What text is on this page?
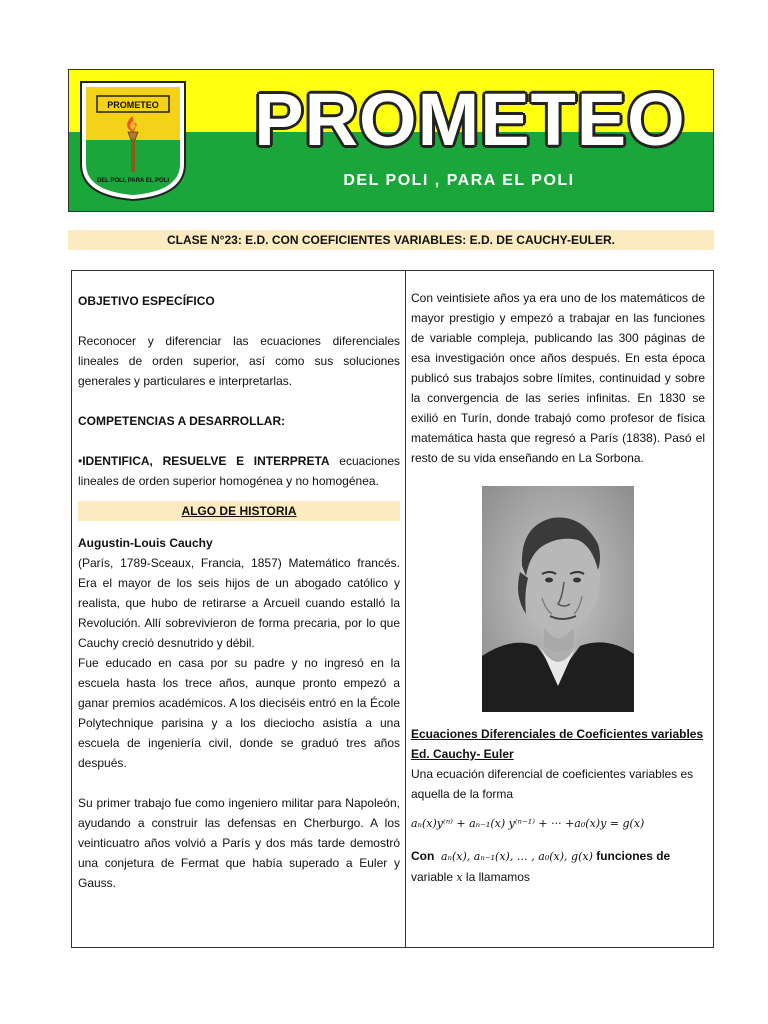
PROMETEO
DEL POLI, PARA EL POLI
PROMETEO
DEL POLI , PARA EL POLI
CLASE N°23: E.D. CON COEFICIENTES VARIABLES: E.D. DE CAUCHY-EULER.

OBJETIVO ESPECÍFICO

Reconocer y diferenciar las ecuaciones diferenciales lineales de orden superior, así como sus soluciones generales y particulares e interpretarlas.

COMPETENCIAS A DESARROLLAR:

•IDENTIFICA, RESUELVE E INTERPRETA ecuaciones lineales de orden superior homogénea y no homogénea.

ALGO DE HISTORIA

Augustin-Louis Cauchy

(París, 1789-Sceaux, Francia, 1857) Matemático francés. Era el mayor de los seis hijos de un abogado católico y realista, que hubo de retirarse a Arcueil cuando estalló la Revolución. Allí sobrevivieron de forma precaria, por lo que Cauchy creció desnutrido y débil.

Fue educado en casa por su padre y no ingresó en la escuela hasta los trece años, aunque pronto empezó a ganar premios académicos. A los dieciséis entró en la École Polytechnique parisina y a los dieciocho asistía a una escuela de ingeniería civil, donde se graduó tres años después.

Su primer trabajo fue como ingeniero militar para Napoleón, ayudando a construir las defensas en Cherburgo. A los veinticuatro años volvió a París y dos más tarde demostró una conjetura de Fermat que había superado a Euler y Gauss.

Con veintisiete años ya era uno de los matemáticos de mayor prestigio y empezó a trabajar en las funciones de variable compleja, publicando las 300 páginas de esa investigación once años después. En esta época publicó sus trabajos sobre límites, continuidad y sobre la convergencia de las series infinitas. En 1830 se exilió en Turín, donde trabajó como profesor de física matemática hasta que regresó a París (1838). Pasó el resto de su vida enseñando en La Sorbona.

Ecuaciones Diferenciales de Coeficientes variables

Ed. Cauchy- Euler

Una ecuación diferencial de coeficientes variables es aquella de la forma

aₙ(x)y⁽ⁿ⁾ + aₙ₋₁(x) y⁽ⁿ⁻¹⁾ + ··· +a₀(x)y = g(x)

Con aₙ(x), aₙ₋₁(x), … , a₀(x), g(x) funciones de

variable x la llamamos
